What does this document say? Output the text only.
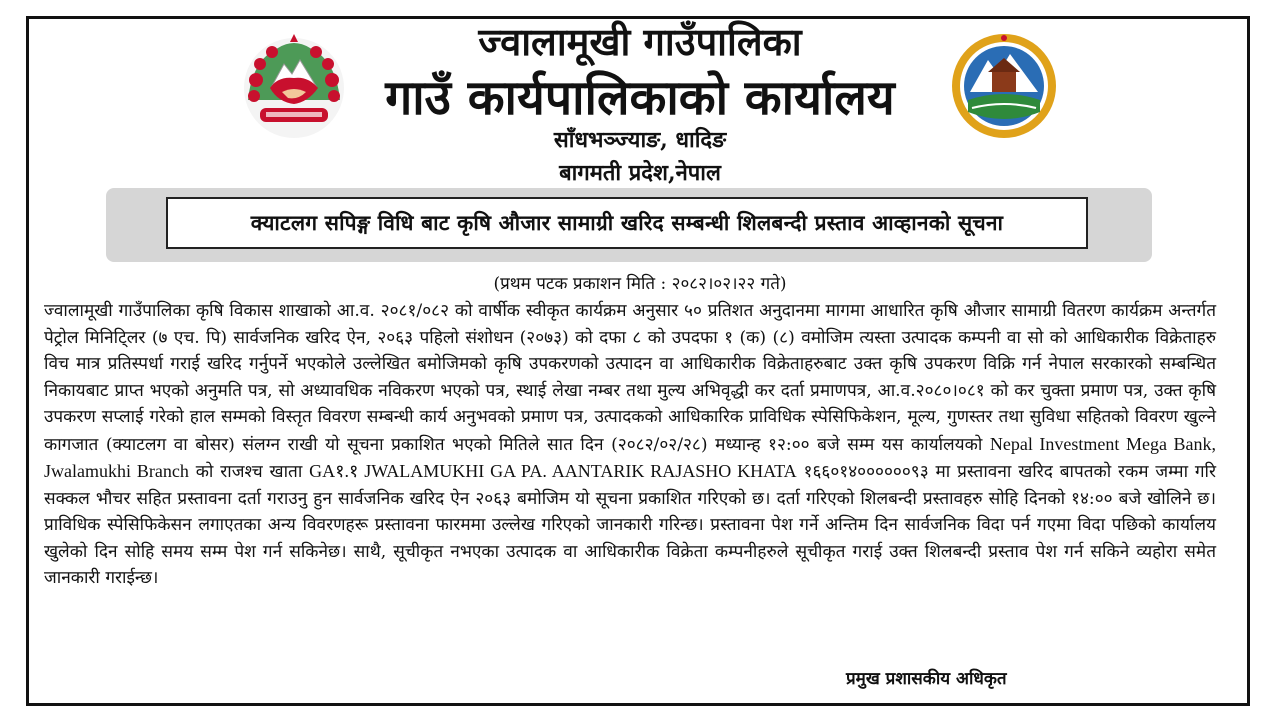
ज्वालामूखी गाउँपालिका
गाउँ कार्यपालिकाको कार्यालय
साँधभञ्ज्याङ, धादिङ
बागमती प्रदेश,नेपाल
क्याटलग सपिङ्ग विधि बाट कृषि औजार सामाग्री खरिद सम्बन्धी शिलबन्दी प्रस्ताव आव्हानको सूचना
(प्रथम पटक प्रकाशन मिति : २०८२।०२।२२ गते)
ज्वालामूखी गाउँपालिका कृषि विकास शाखाको आ.व. २०८१/०८२ को वार्षीक स्वीकृत कार्यक्रम अनुसार ५० प्रतिशत अनुदानमा मागमा आधारित कृषि औजार सामाग्री वितरण कार्यक्रम अन्तर्गत पेट्रोल मिनिटि्लर (७ एच. पि) सार्वजनिक खरिद ऐन, २०६३ पहिलो संशोधन (२०७३) को दफा ८ को उपदफा १ (क) (८) वमोजिम त्यस्ता उत्पादक कम्पनी वा सो को आधिकारीक विक्रेताहरु विच मात्र प्रतिस्पर्धा गराई खरिद गर्नुपर्ने भएकोले उल्लेखित बमोजिमको कृषि उपकरणको उत्पादन वा आधिकारीक विक्रेताहरुबाट उक्त कृषि उपकरण विक्रि गर्न नेपाल सरकारको सम्बन्धित निकायबाट प्राप्त भएको अनुमति पत्र, सो अध्यावधिक नविकरण भएको पत्र, स्थाई लेखा नम्बर तथा मुल्य अभिवृद्धी कर दर्ता प्रमाणपत्र, आ.व.२०८०।०८१ को कर चुक्ता प्रमाण पत्र, उक्त कृषि उपकरण सप्लाई गरेको हाल सम्मको विस्तृत विवरण सम्बन्धी कार्य अनुभवको प्रमाण पत्र, उत्पादकको आधिकारिक प्राविधिक स्पेसिफिकेशन, मूल्य, गुणस्तर तथा सुविधा सहितको विवरण खुल्ने कागजात (क्याटलग वा बोसर) संलग्न राखी यो सूचना प्रकाशित भएको मितिले सात दिन (२०८२/०२/२८) मध्यान्ह १२:०० बजे सम्म यस कार्यालयको Nepal Investment Mega Bank, Jwalamukhi Branch को राजश्च खाता GA१.१ JWALAMUKHI GA PA. AANTARIK RAJASHO KHATA १६६०१४००००००९३ मा प्रस्तावना खरिद बापतको रकम जम्मा गरि सक्कल भौचर सहित प्रस्तावना दर्ता गराउनु हुन सार्वजनिक खरिद ऐन २०६३ बमोजिम यो सूचना प्रकाशित गरिएको छ। दर्ता गरिएको शिलबन्दी प्रस्तावहरु सोहि दिनको १४:०० बजे खोलिने छ। प्राविधिक स्पेसिफिकेसन लगाएतका अन्य विवरणहरू प्रस्तावना फारममा उल्लेख गरिएको जानकारी गरिन्छ। प्रस्तावना पेश गर्ने अन्तिम दिन सार्वजनिक विदा पर्न गएमा विदा पछिको कार्यालय खुलेको दिन सोहि समय सम्म पेश गर्न सकिनेछ। साथै, सूचीकृत नभएका उत्पादक वा आधिकारीक विक्रेता कम्पनीहरुले सूचीकृत गराई उक्त शिलबन्दी प्रस्ताव पेश गर्न सकिने व्यहोरा समेत जानकारी गराईन्छ।
प्रमुख प्रशासकीय अधिकृत
